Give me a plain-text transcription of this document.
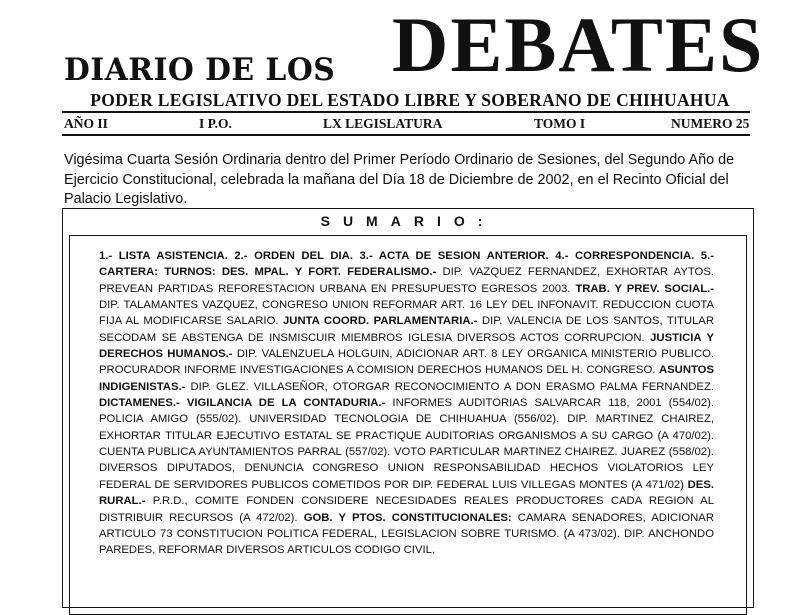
DIARIO DE LOS DEBATES
PODER LEGISLATIVO DEL ESTADO LIBRE Y SOBERANO DE CHIHUAHUA
AÑO II	I P.O.	LX LEGISLATURA	TOMO I	NUMERO 25
Vigésima Cuarta Sesión Ordinaria dentro del Primer Período Ordinario de Sesiones, del Segundo Año de Ejercicio Constitucional, celebrada la mañana del Día 18 de Diciembre de 2002, en el Recinto Oficial del Palacio Legislativo.
SUMARIO:

1.- LISTA ASISTENCIA. 2.- ORDEN DEL DIA. 3.- ACTA DE SESION ANTERIOR. 4.- CORRESPONDENCIA. 5.- CARTERA: TURNOS: DES. MPAL. Y FORT. FEDERALISMO.- DIP. VAZQUEZ FERNANDEZ, EXHORTAR AYTOS. PREVEAN PARTIDAS REFORESTACION URBANA EN PRESUPUESTO EGRESOS 2003. TRAB. Y PREV. SOCIAL.- DIP. TALAMANTES VAZQUEZ, CONGRESO UNION REFORMAR ART. 16 LEY DEL INFONAVIT. REDUCCION CUOTA FIJA AL MODIFICARSE SALARIO. JUNTA COORD. PARLAMENTARIA.- DIP. VALENCIA DE LOS SANTOS, TITULAR SECODAM SE ABSTENGA DE INSMISCUIR MIEMBROS IGLESIA DIVERSOS ACTOS CORRUPCION. JUSTICIA Y DERECHOS HUMANOS.- DIP. VALENZUELA HOLGUIN, ADICIONAR ART. 8 LEY ORGANICA MINISTERIO PUBLICO. PROCURADOR INFORME INVESTIGACIONES A COMISION DERECHOS HUMANOS DEL H. CONGRESO. ASUNTOS INDIGENISTAS.- DIP. GLEZ. VILLASEÑOR, OTORGAR RECONOCIMIENTO A DON ERASMO PALMA FERNANDEZ. DICTAMENES.- VIGILANCIA DE LA CONTADURIA.- INFORMES AUDITORIAS SALVARCAR 118, 2001 (554/02). POLICIA AMIGO (555/02). UNIVERSIDAD TECNOLOGIA DE CHIHUAHUA (556/02). DIP. MARTINEZ CHAIREZ, EXHORTAR TITULAR EJECUTIVO ESTATAL SE PRACTIQUE AUDITORIAS ORGANISMOS A SU CARGO (A 470/02). CUENTA PUBLICA AYUNTAMIENTOS PARRAL (557/02). VOTO PARTICULAR MARTINEZ CHAIREZ. JUAREZ (558/02). DIVERSOS DIPUTADOS, DENUNCIA CONGRESO UNION RESPONSABILIDAD HECHOS VIOLATORIOS LEY FEDERAL DE SERVIDORES PUBLICOS COMETIDOS POR DIP. FEDERAL LUIS VILLEGAS MONTES (A 471/02) DES. RURAL.- P.R.D., COMITE FONDEN CONSIDERE NECESIDADES REALES PRODUCTORES CADA REGION AL DISTRIBUIR RECURSOS (A 472/02). GOB. Y PTOS. CONSTITUCIONALES: CAMARA SENADORES, ADICIONAR ARTICULO 73 CONSTITUCION POLITICA FEDERAL, LEGISLACION SOBRE TURISMO. (A 473/02). DIP. ANCHONDO PAREDES, REFORMAR DIVERSOS ARTICULOS CODIGO CIVIL,
